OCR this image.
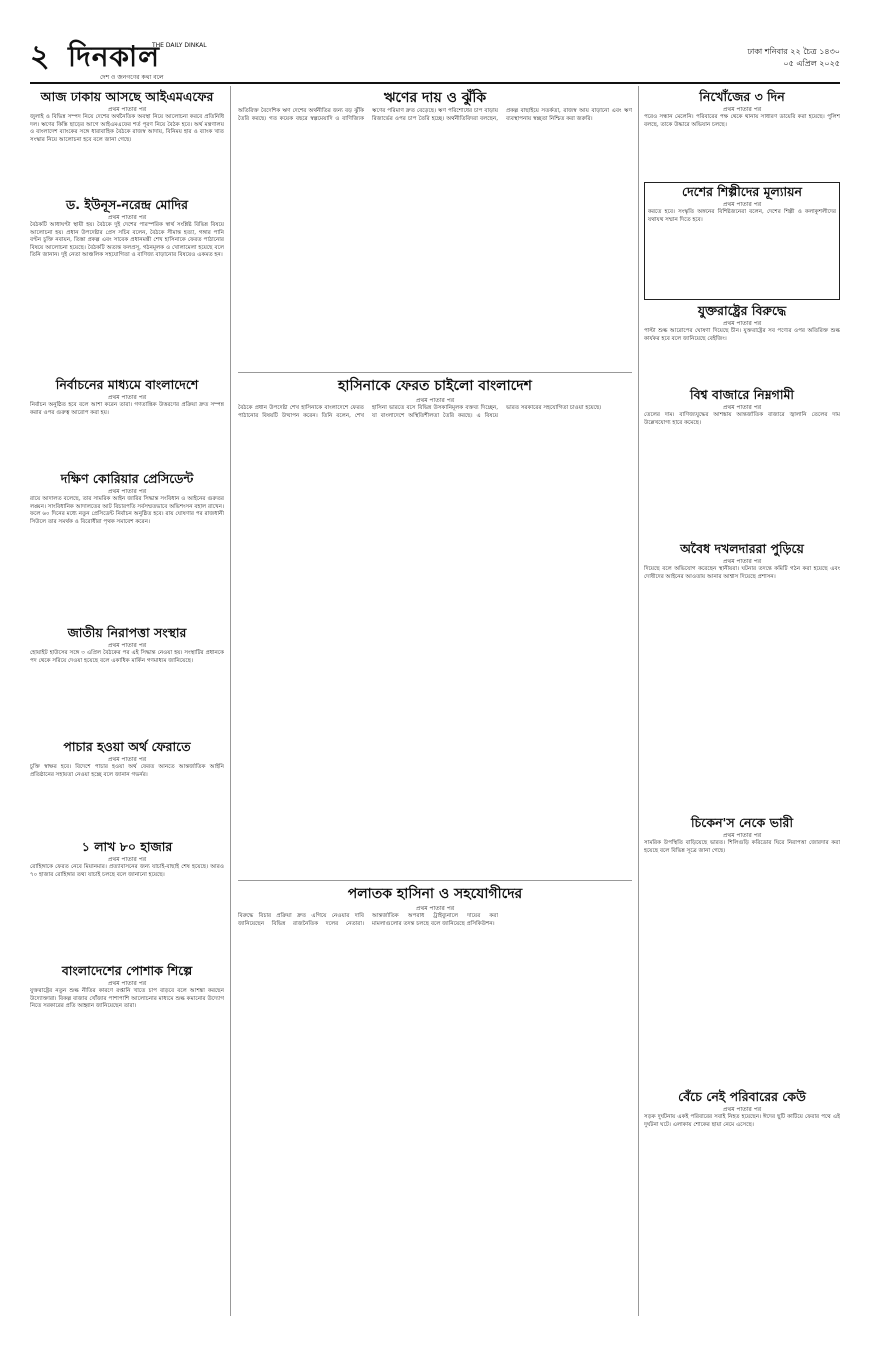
২ দিনকাল
THE DAILY DINKAL
দেশ ও জনগণের কথা বলে
ঢাকা শনিবার ২২ চৈত্র ১৪৩০
০৫ এপ্রিল ২০২৫
আজ ঢাকায় আসছে আইএমএফের

প্রথম পাতার পর

জুলাই ও বিভিন্ন সম্পদ নিয়ে দেশের অর্থনৈতিক অবস্থা নিয়ে আলোচনা করবে প্রতিনিধি দল। ঋণের কিস্তি ছাড়ের আগে আইএমএফের শর্ত পূরণ নিয়ে বৈঠক হবে। অর্থ মন্ত্রণালয় ও বাংলাদেশ ব্যাংকের সঙ্গে ধারাবাহিক বৈঠকে রাজস্ব আদায়, বিনিময় হার ও ব্যাংক খাত সংস্কার নিয়ে আলোচনা হবে বলে জানা গেছে।

ড. ইউনূস-নরেন্দ্র মোদির

প্রথম পাতার পর

বৈঠকটি আধাঘণ্টা স্থায়ী হয়। বৈঠকে দুই দেশের পারস্পরিক স্বার্থ সংশ্লিষ্ট বিভিন্ন বিষয়ে আলোচনা হয়। প্রধান উপদেষ্টার প্রেস সচিব বলেন, বৈঠকে সীমান্ত হত্যা, গঙ্গার পানি বণ্টন চুক্তি নবায়ন, তিস্তা প্রকল্প এবং সাবেক প্রধানমন্ত্রী শেখ হাসিনাকে ফেরত পাঠানোর বিষয়ে আলোচনা হয়েছে। বৈঠকটি অত্যন্ত ফলপ্রসূ, গঠনমূলক ও খোলামেলা হয়েছে বলে তিনি জানান। দুই নেতা আঞ্চলিক সহযোগিতা ও বাণিজ্য বাড়ানোর বিষয়েও একমত হন।

নির্বাচনের মাধ্যমে বাংলাদেশে

প্রথম পাতার পর

নির্বাচন অনুষ্ঠিত হবে বলে আশা করেন তারা। গণতান্ত্রিক উত্তরণের প্রক্রিয়া দ্রুত সম্পন্ন করার ওপর গুরুত্ব আরোপ করা হয়।

দক্ষিণ কোরিয়ার প্রেসিডেন্ট

প্রথম পাতার পর

রায়ে আদালত বলেছে, তার সামরিক আইন জারির সিদ্ধান্ত সংবিধান ও আইনের গুরুতর লঙ্ঘন। সাংবিধানিক আদালতের আট বিচারপতি সর্বসম্মতভাবে অভিশংসন বহাল রাখেন। ফলে ৬০ দিনের মধ্যে নতুন প্রেসিডেন্ট নির্বাচন অনুষ্ঠিত হবে। রায় ঘোষণার পর রাজধানী সিউলে তার সমর্থক ও বিরোধীরা পৃথক সমাবেশ করেন।

জাতীয় নিরাপত্তা সংস্থার

প্রথম পাতার পর

হোয়াইট হাউসের সঙ্গে ৩ এপ্রিল বৈঠকের পর এই সিদ্ধান্ত নেওয়া হয়। সংস্থাটির প্রধানকে পদ থেকে সরিয়ে দেওয়া হয়েছে বলে একাধিক মার্কিন গণমাধ্যম জানিয়েছে।

পাচার হওয়া অর্থ ফেরাতে

প্রথম পাতার পর

চুক্তি স্বাক্ষর হবে। বিদেশে পাচার হওয়া অর্থ ফেরত আনতে আন্তর্জাতিক আইনি প্রতিষ্ঠানের সহায়তা নেওয়া হচ্ছে বলে জানান গভর্নর।

১ লাখ ৮০ হাজার

প্রথম পাতার পর

রোহিঙ্গাকে ফেরত নেবে মিয়ানমার। প্রত্যাবাসনের জন্য যাচাই-বাছাই শেষ হয়েছে। আরও ৭০ হাজার রোহিঙ্গার তথ্য যাচাই চলছে বলে জানানো হয়েছে।

বাংলাদেশের পোশাক শিল্পে

প্রথম পাতার পর

যুক্তরাষ্ট্রের নতুন শুল্ক নীতির কারণে রপ্তানি খাতে চাপ বাড়বে বলে আশঙ্কা করছেন উদ্যোক্তারা। বিকল্প বাজার খোঁজার পাশাপাশি আলোচনার মাধ্যমে শুল্ক কমানোর উদ্যোগ নিতে সরকারের প্রতি আহ্বান জানিয়েছেন তারা।

ঋণের দায় ও ঝুঁকি

অতিরিক্ত বৈদেশিক ঋণ দেশের অর্থনীতির জন্য বড় ঝুঁকি তৈরি করছে। গত কয়েক বছরে স্বল্পমেয়াদি ও বাণিজ্যিক ঋণের পরিমাণ দ্রুত বেড়েছে। ঋণ পরিশোধের চাপ বাড়ায় রিজার্ভের ওপর চাপ তৈরি হচ্ছে। অর্থনীতিবিদরা বলছেন, প্রকল্প বাছাইয়ে সতর্কতা, রাজস্ব আয় বাড়ানো এবং ঋণ ব্যবস্থাপনায় স্বচ্ছতা নিশ্চিত করা জরুরি।

হাসিনাকে ফেরত চাইলো বাংলাদেশ

প্রথম পাতার পর

বৈঠকে প্রধান উপদেষ্টা শেখ হাসিনাকে বাংলাদেশে ফেরত পাঠানোর বিষয়টি উত্থাপন করেন। তিনি বলেন, শেখ হাসিনা ভারতে বসে বিভিন্ন উসকানিমূলক বক্তব্য দিচ্ছেন, যা বাংলাদেশে অস্থিতিশীলতা তৈরি করছে। এ বিষয়ে ভারত সরকারের সহযোগিতা চাওয়া হয়েছে।

পলাতক হাসিনা ও সহযোগীদের

প্রথম পাতার পর

বিরুদ্ধে বিচার প্রক্রিয়া দ্রুত এগিয়ে নেওয়ার দাবি জানিয়েছেন বিভিন্ন রাজনৈতিক দলের নেতারা। আন্তর্জাতিক অপরাধ ট্রাইব্যুনালে দায়ের করা মামলাগুলোর তদন্ত চলছে বলে জানিয়েছে প্রসিকিউশন।

নিখোঁজের ৩ দিন

প্রথম পাতার পর

পরেও সন্ধান মেলেনি। পরিবারের পক্ষ থেকে থানায় সাধারণ ডায়েরি করা হয়েছে। পুলিশ বলছে, তাকে উদ্ধারে অভিযান চলছে।

দেশের শিল্পীদের মূল্যায়ন

প্রথম পাতার পর

করতে হবে। সংস্কৃতি অঙ্গনের বিশিষ্টজনেরা বলেন, দেশের শিল্পী ও কলাকুশলীদের যথাযথ সম্মান দিতে হবে।

যুক্তরাষ্ট্রের বিরুদ্ধে

প্রথম পাতার পর

পাল্টা শুল্ক আরোপের ঘোষণা দিয়েছে চীন। যুক্তরাষ্ট্রের সব পণ্যের ওপর অতিরিক্ত শুল্ক কার্যকর হবে বলে জানিয়েছে বেইজিং।

বিশ্ব বাজারে নিম্নগামী

প্রথম পাতার পর

তেলের দাম। বাণিজ্যযুদ্ধের আশঙ্কায় আন্তর্জাতিক বাজারে জ্বালানি তেলের দাম উল্লেখযোগ্য হারে কমেছে।

অবৈধ দখলদাররা পুড়িয়ে

প্রথম পাতার পর

দিয়েছে বলে অভিযোগ করেছেন স্থানীয়রা। ঘটনার তদন্তে কমিটি গঠন করা হয়েছে এবং দোষীদের আইনের আওতায় আনার আশ্বাস দিয়েছে প্রশাসন।

চিকেন'স নেকে ভারী

প্রথম পাতার পর

সামরিক উপস্থিতি বাড়িয়েছে ভারত। শিলিগুড়ি করিডোর ঘিরে নিরাপত্তা জোরদার করা হয়েছে বলে বিভিন্ন সূত্রে জানা গেছে।

বেঁচে নেই পরিবারের কেউ

প্রথম পাতার পর

সড়ক দুর্ঘটনায় একই পরিবারের সবাই নিহত হয়েছেন। ঈদের ছুটি কাটিয়ে ফেরার পথে এই দুর্ঘটনা ঘটে। এলাকায় শোকের ছায়া নেমে এসেছে।
